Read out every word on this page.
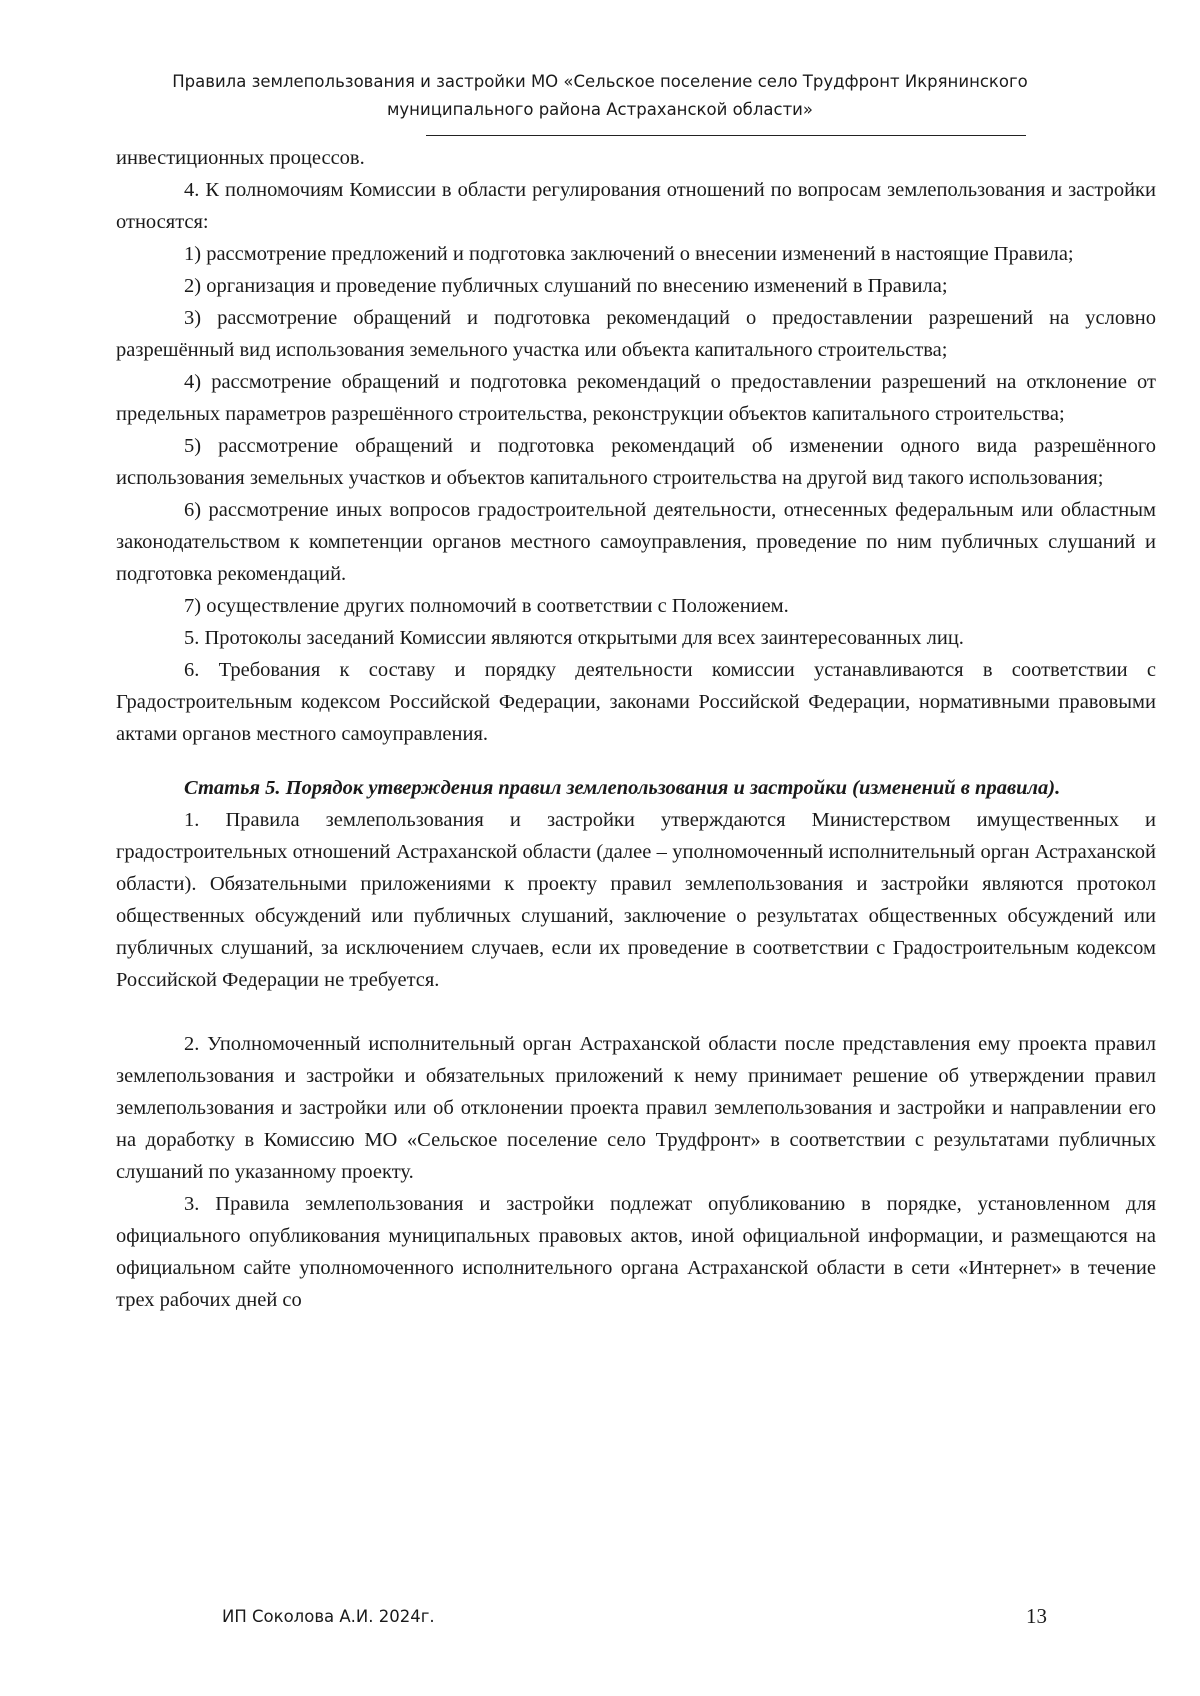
Правила землепользования и застройки МО «Сельское поселение село Трудфронт Икрянинского
муниципального района Астраханской области»

инвестиционных процессов.

4. К полномочиям Комиссии в области регулирования отношений по вопросам землепользования и застройки относятся:

1) рассмотрение предложений и подготовка заключений о внесении изменений в настоящие Правила;

2) организация и проведение публичных слушаний по внесению изменений в Правила;

3) рассмотрение обращений и подготовка рекомендаций о предоставлении разрешений на условно разрешённый вид использования земельного участка или объекта капитального строительства;

4) рассмотрение обращений и подготовка рекомендаций о предоставлении разрешений на отклонение от предельных параметров разрешённого строительства, реконструкции объектов капитального строительства;

5) рассмотрение обращений и подготовка рекомендаций об изменении одного вида разрешённого использования земельных участков и объектов капитального строительства на другой вид такого использования;

6) рассмотрение иных вопросов градостроительной деятельности, отнесенных федеральным или областным законодательством к компетенции органов местного самоуправления, проведение по ним публичных слушаний и подготовка рекомендаций.

7) осуществление других полномочий в соответствии с Положением.

5. Протоколы заседаний Комиссии являются открытыми для всех заинтересованных лиц.

6. Требования к составу и порядку деятельности комиссии устанавливаются в соответствии с Градостроительным кодексом Российской Федерации, законами Российской Федерации, нормативными правовыми актами органов местного самоуправления.

Статья 5. Порядок утверждения правил землепользования и застройки (изменений в правила).

1. Правила землепользования и застройки утверждаются Министерством имущественных и градостроительных отношений Астраханской области (далее – уполномоченный исполнительный орган Астраханской области). Обязательными приложениями к проекту правил землепользования и застройки являются протокол общественных обсуждений или публичных слушаний, заключение о результатах общественных обсуждений или публичных слушаний, за исключением случаев, если их проведение в соответствии с Градостроительным кодексом Российской Федерации не требуется.

2. Уполномоченный исполнительный орган Астраханской области после представления ему проекта правил землепользования и застройки и обязательных приложений к нему принимает решение об утверждении правил землепользования и застройки или об отклонении проекта правил землепользования и застройки и направлении его на доработку в Комиссию МО «Сельское поселение село Трудфронт» в соответствии с результатами публичных слушаний по указанному проекту.

3. Правила землепользования и застройки подлежат опубликованию в порядке, установленном для официального опубликования муниципальных правовых актов, иной официальной информации, и размещаются на официальном сайте уполномоченного исполнительного органа Астраханской области в сети «Интернет» в течение трех рабочих дней со

ИП Соколова А.И. 2024г.	13
